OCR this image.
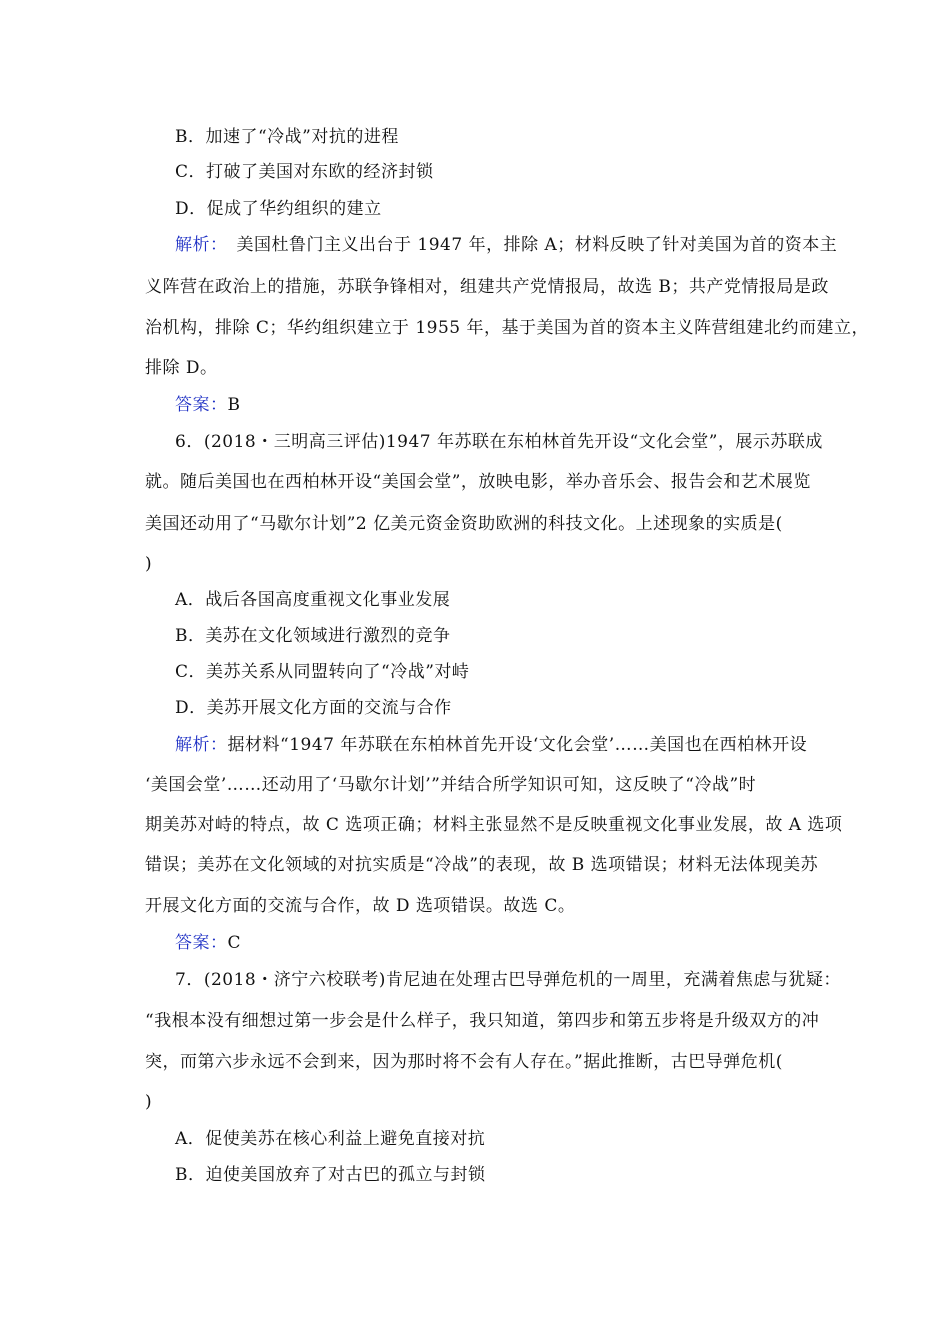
B．加速了“冷战”对抗的进程
C．打破了美国对东欧的经济封锁
D．促成了华约组织的建立
解析：　美国杜鲁门主义出台于 1947 年，排除 A；材料反映了针对美国为首的资本主
义阵营在政治上的措施，苏联争锋相对，组建共产党情报局，故选 B；共产党情报局是政
治机构，排除 C；华约组织建立于 1955 年，基于美国为首的资本主义阵营组建北约而建立，
排除 D。
答案：B
6．(2018・三明高三评估)1947 年苏联在东柏林首先开设“文化会堂”，展示苏联成
就。随后美国也在西柏林开设“美国会堂”，放映电影，举办音乐会、报告会和艺术展览
美国还动用了“马歇尔计划”2 亿美元资金资助欧洲的科技文化。上述现象的实质是(
)
A．战后各国高度重视文化事业发展
B．美苏在文化领域进行激烈的竞争
C．美苏关系从同盟转向了“冷战”对峙
D．美苏开展文化方面的交流与合作
解析：据材料“1947 年苏联在东柏林首先开设‘文化会堂’……美国也在西柏林开设
‘美国会堂’……还动用了‘马歇尔计划’”并结合所学知识可知，这反映了“冷战”时
期美苏对峙的特点，故 C 选项正确；材料主张显然不是反映重视文化事业发展，故 A 选项
错误；美苏在文化领域的对抗实质是“冷战”的表现，故 B 选项错误；材料无法体现美苏
开展文化方面的交流与合作，故 D 选项错误。故选 C。
答案：C
7．(2018・济宁六校联考)肯尼迪在处理古巴导弹危机的一周里，充满着焦虑与犹疑：
“我根本没有细想过第一步会是什么样子，我只知道，第四步和第五步将是升级双方的冲
突，而第六步永远不会到来，因为那时将不会有人存在。”据此推断，古巴导弹危机(
)
A．促使美苏在核心利益上避免直接对抗
B．迫使美国放弃了对古巴的孤立与封锁
